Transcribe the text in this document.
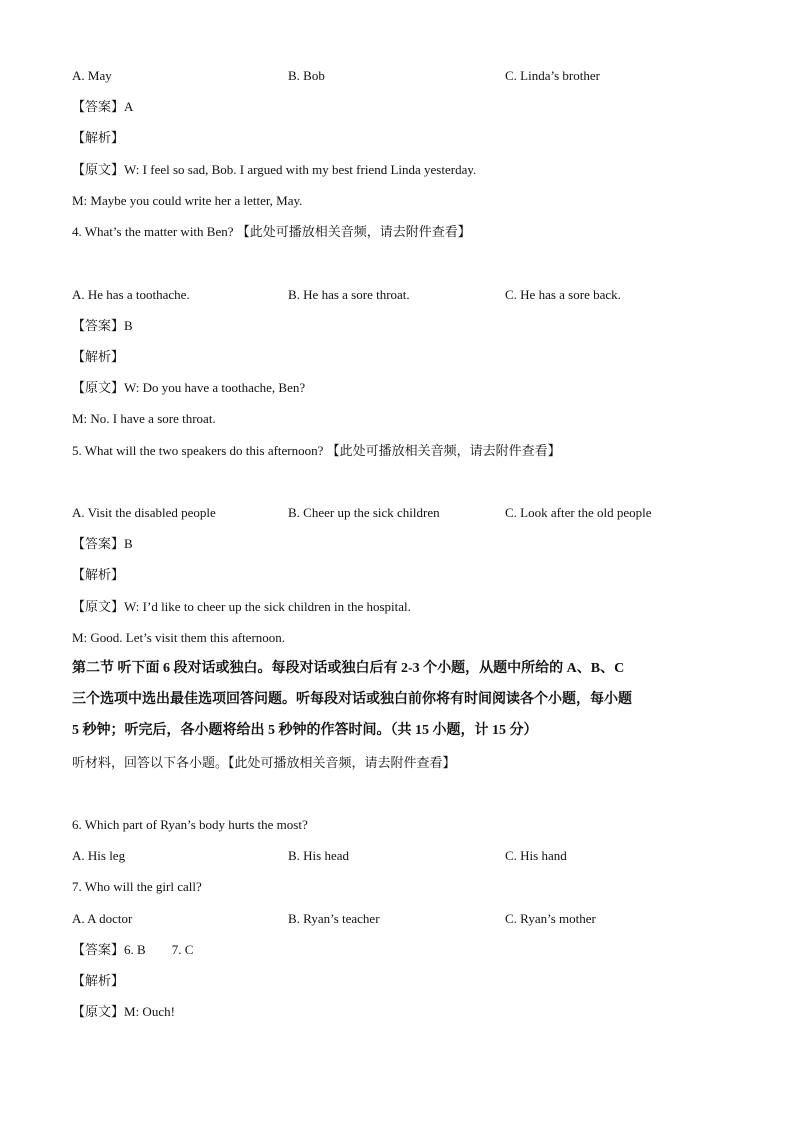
A. May	B. Bob	C. Linda’s brother
【答案】A
【解析】
【原文】W: I feel so sad, Bob. I argued with my best friend Linda yesterday.
M: Maybe you could write her a letter, May.
4. What’s the matter with Ben? 【此处可播放相关音频，请去附件查看】
A. He has a toothache.	B. He has a sore throat.	C. He has a sore back.
【答案】B
【解析】
【原文】W: Do you have a toothache, Ben?
M: No. I have a sore throat.
5. What will the two speakers do this afternoon? 【此处可播放相关音频，请去附件查看】
A. Visit the disabled people	B. Cheer up the sick children	C. Look after the old people
【答案】B
【解析】
【原文】W: I’d like to cheer up the sick children in the hospital.
M: Good. Let’s visit them this afternoon.
第二节 听下面 6 段对话或独白。每段对话或独白后有 2-3 个小题，从题中所给的 A、B、C
三个选项中选出最佳选项回答问题。听每段对话或独白前你将有时间阅读各个小题，每小题
5 秒钟；听完后，各小题将给出 5 秒钟的作答时间。（共 15 小题，计 15 分）
听材料，回答以下各小题。【此处可播放相关音频，请去附件查看】
6. Which part of Ryan’s body hurts the most?
A. His leg	B. His head	C. His hand
7. Who will the girl call?
A. A doctor	B. Ryan’s teacher	C. Ryan’s mother
【答案】6. B 7. C
【解析】
【原文】M: Ouch!
